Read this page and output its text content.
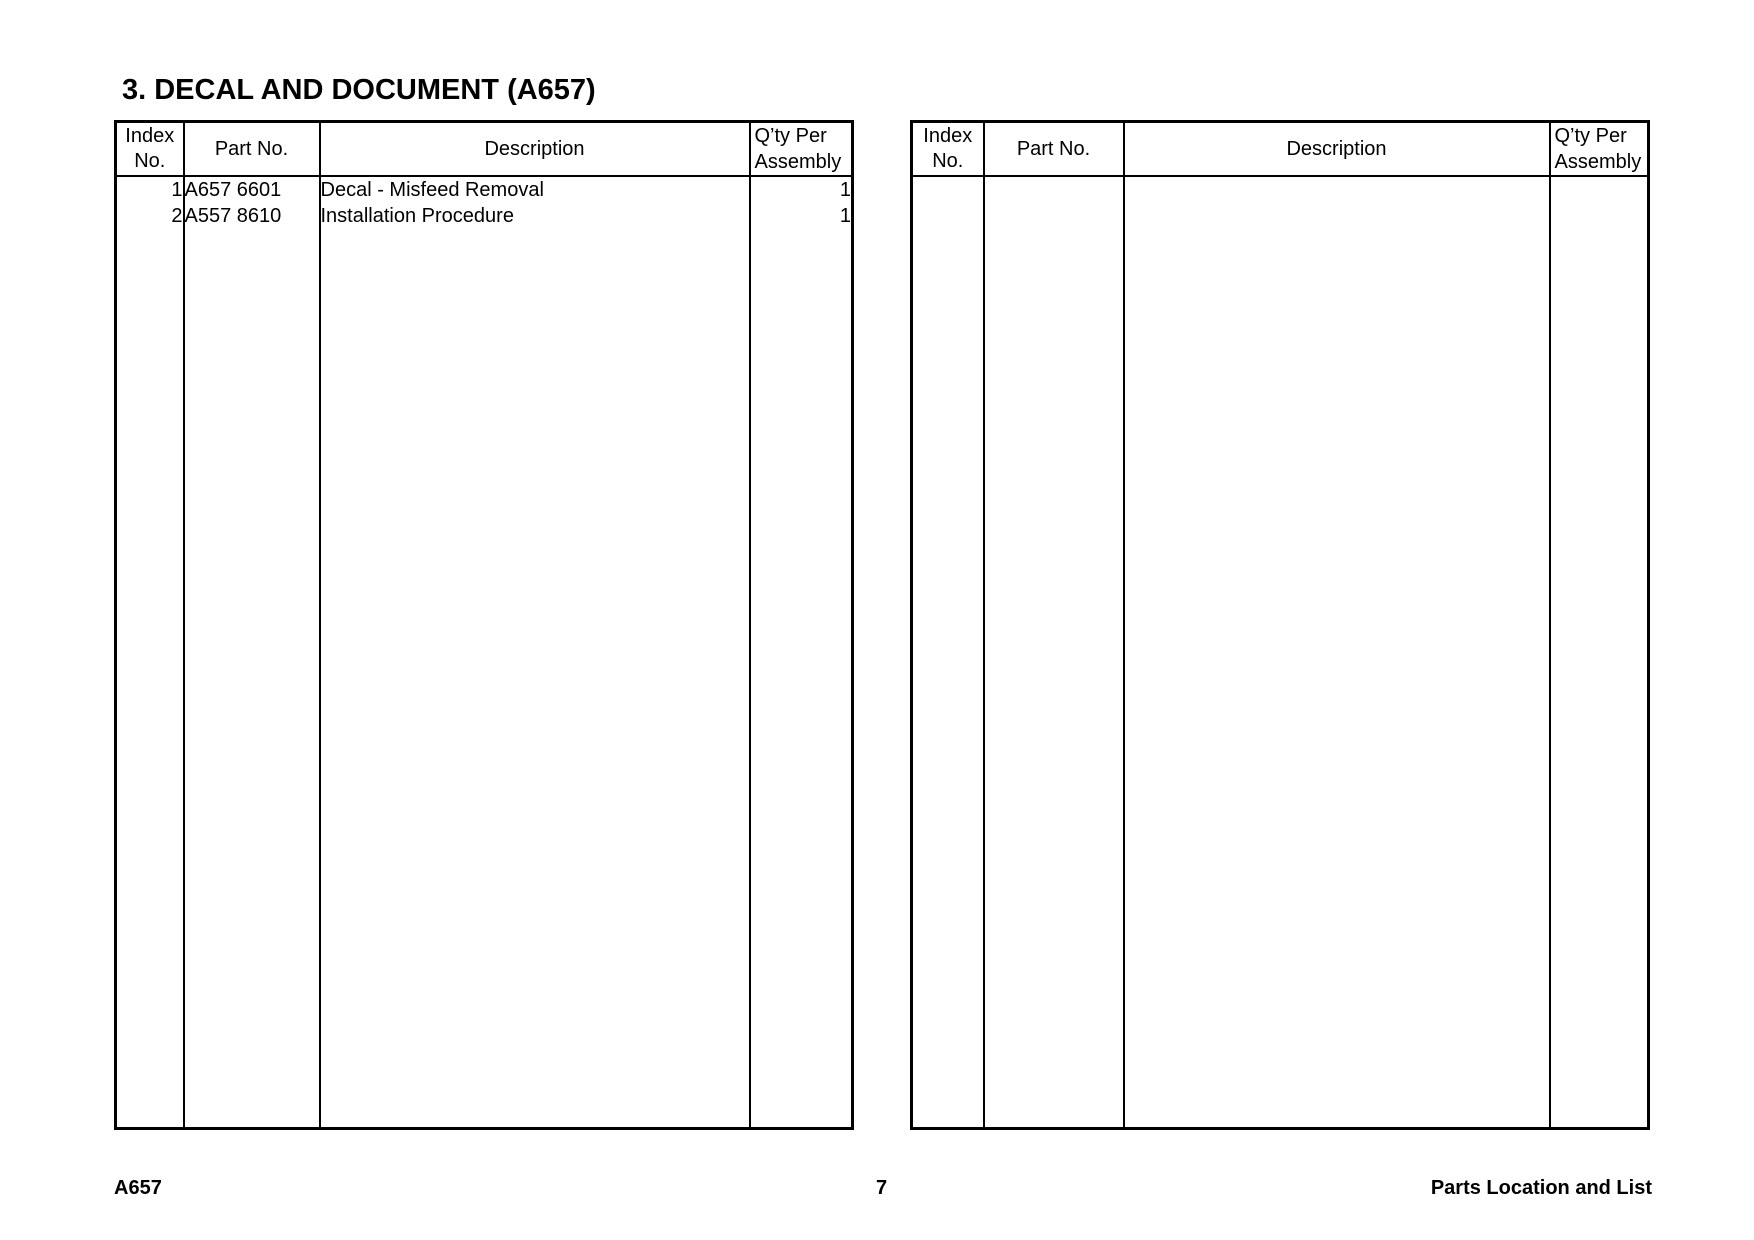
3. DECAL AND DOCUMENT (A657)
Index
No.	Part No.	Description	Q’ty Per
Assembly
1	A657 6601	Decal - Misfeed Removal	1
2	A557 8610	Installation Procedure	1

Index
No.	Part No.	Description	Q’ty Per
Assembly

A657	7	Parts Location and List
